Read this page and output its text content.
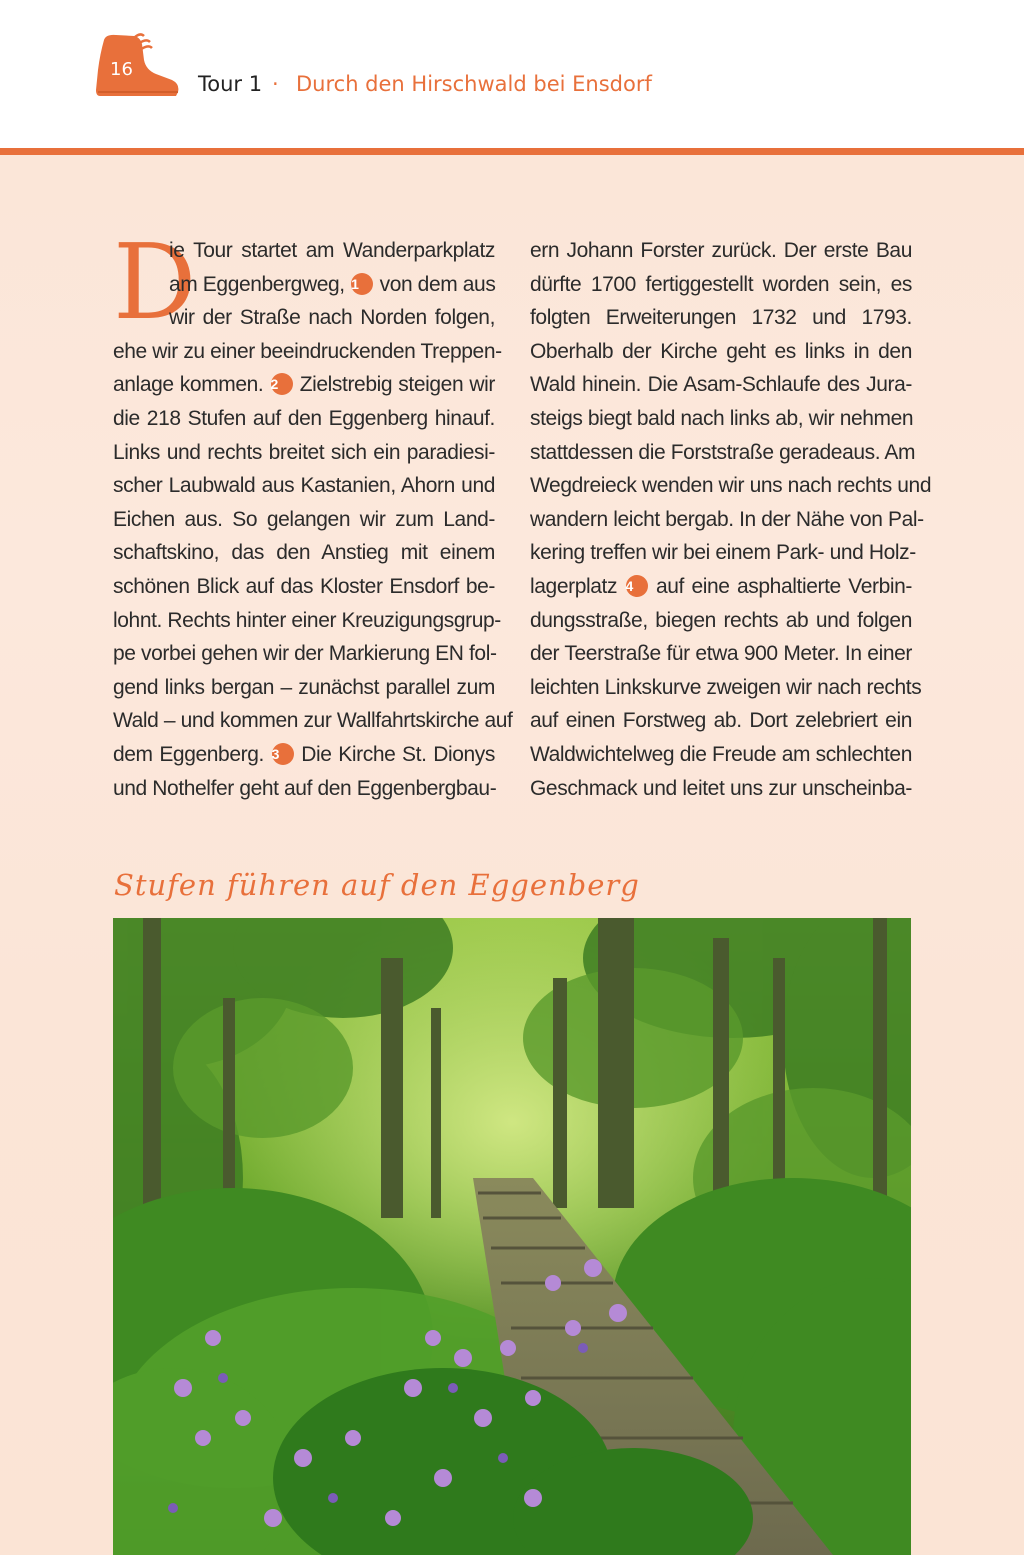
16
Tour 1 · Durch den Hirschwald bei Ensdorf
D
ie Tour startet am Wanderparkplatz
am Eggenbergweg, 1 von dem aus
wir der Straße nach Norden folgen,
ehe wir zu einer beeindruckenden Treppen-
anlage kommen. 2 Zielstrebig steigen wir
die 218 Stufen auf den Eggenberg hinauf.
Links und rechts breitet sich ein paradiesi-
scher Laubwald aus Kastanien, Ahorn und
Eichen aus. So gelangen wir zum Land-
schaftskino, das den Anstieg mit einem
schönen Blick auf das Kloster Ensdorf be-
lohnt. Rechts hinter einer Kreuzigungsgrup-
pe vorbei gehen wir der Markierung EN fol-
gend links bergan – zunächst parallel zum
Wald – und kommen zur Wallfahrtskirche auf
dem Eggenberg. 3 Die Kirche St. Dionys
und Nothelfer geht auf den Eggenbergbau-
ern Johann Forster zurück. Der erste Bau
dürfte 1700 fertiggestellt worden sein, es
folgten Erweiterungen 1732 und 1793.
Oberhalb der Kirche geht es links in den
Wald hinein. Die Asam-Schlaufe des Jura-
steigs biegt bald nach links ab, wir nehmen
stattdessen die Forststraße geradeaus. Am
Wegdreieck wenden wir uns nach rechts und
wandern leicht bergab. In der Nähe von Pal-
kering treffen wir bei einem Park- und Holz-
lagerplatz 4 auf eine asphaltierte Verbin-
dungsstraße, biegen rechts ab und folgen
der Teerstraße für etwa 900 Meter. In einer
leichten Linkskurve zweigen wir nach rechts
auf einen Forstweg ab. Dort zelebriert ein
Waldwichtelweg die Freude am schlechten
Geschmack und leitet uns zur unscheinba-
Stufen führen auf den Eggenberg
